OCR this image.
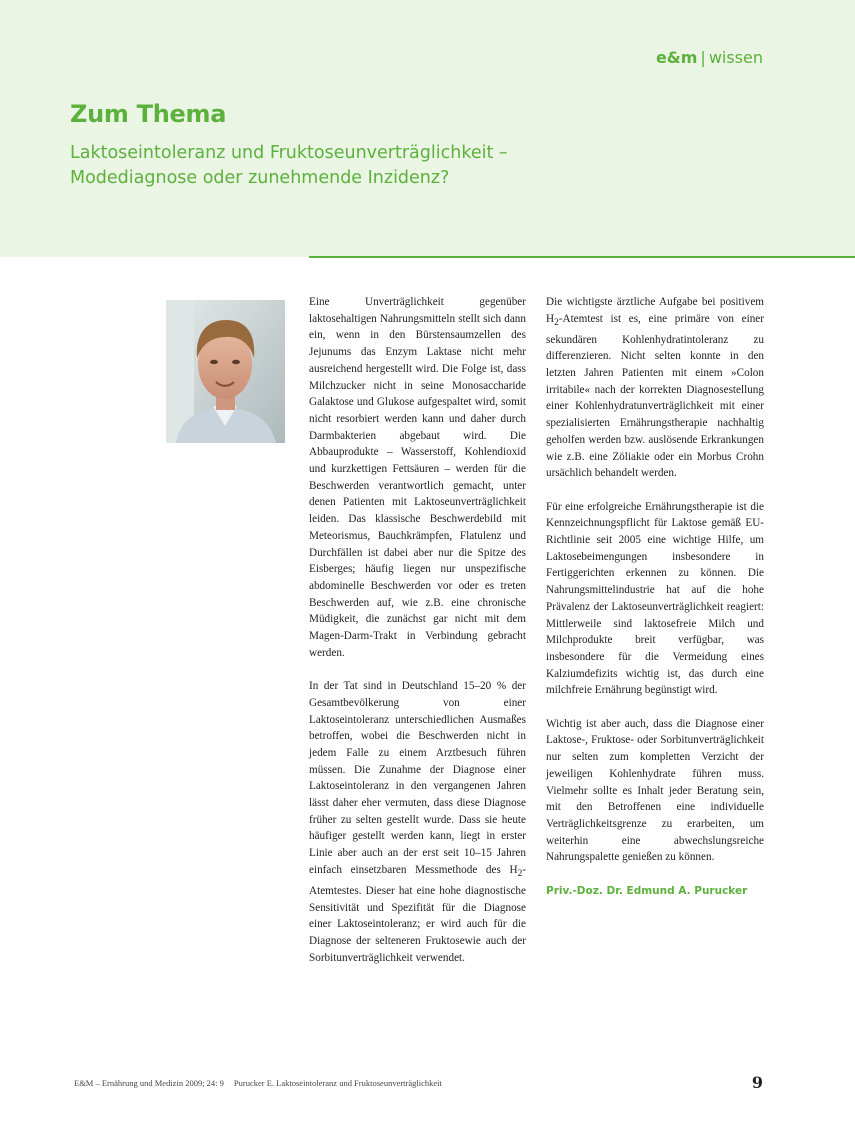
e&m | wissen
Zum Thema
Laktoseintoleranz und Fruktoseunverträglichkeit –
Modediagnose oder zunehmende Inzidenz?

Eine Unverträglichkeit gegenüber laktosehaltigen Nahrungsmitteln stellt sich dann ein, wenn in den Bürstensaumzellen des Jejunums das Enzym Laktase nicht mehr ausreichend hergestellt wird. Die Folge ist, dass Milchzucker nicht in seine Monosaccharide Galaktose und Glukose aufgespaltet wird, somit nicht resorbiert werden kann und daher durch Darmbakterien abgebaut wird. Die Abbauprodukte – Wasserstoff, Kohlendioxid und kurzkettigen Fettsäuren – werden für die Beschwerden verantwortlich gemacht, unter denen Patienten mit Laktoseunverträglichkeit leiden. Das klassische Beschwerdebild mit Meteorismus, Bauchkrämpfen, Flatulenz und Durchfällen ist dabei aber nur die Spitze des Eisberges; häufig liegen nur unspezifische abdominelle Beschwerden vor oder es treten Beschwerden auf, wie z.B. eine chronische Müdigkeit, die zunächst gar nicht mit dem Magen-Darm-Trakt in Verbindung gebracht werden.

In der Tat sind in Deutschland 15–20 % der Gesamtbevölkerung von einer Laktoseintoleranz unterschiedlichen Ausmaßes betroffen, wobei die Beschwerden nicht in jedem Falle zu einem Arztbesuch führen müssen. Die Zunahme der Diagnose einer Laktoseintoleranz in den vergangenen Jahren lässt daher eher vermuten, dass diese Diagnose früher zu selten gestellt wurde. Dass sie heute häufiger gestellt werden kann, liegt in erster Linie aber auch an der erst seit 10–15 Jahren einfach einsetzbaren Messmethode des $H_2$-Atemtestes. Dieser hat eine hohe diagnostische Sensitivität und Spezifität für die Diagnose einer Laktoseintoleranz; er wird auch für die Diagnose der selteneren Fruktosewie auch der Sorbitunverträglichkeit verwendet.

Die wichtigste ärztliche Aufgabe bei positivem $H_2$-Atemtest ist es, eine primäre von einer sekundären Kohlenhydratintoleranz zu differenzieren. Nicht selten konnte in den letzten Jahren Patienten mit einem »Colon irritabile« nach der korrekten Diagnosestellung einer Kohlenhydratunverträglichkeit mit einer spezialisierten Ernährungstherapie nachhaltig geholfen werden bzw. auslösende Erkrankungen wie z.B. eine Zöliakie oder ein Morbus Crohn ursächlich behandelt werden.

Für eine erfolgreiche Ernährungstherapie ist die Kennzeichnungspflicht für Laktose gemäß EU-Richtlinie seit 2005 eine wichtige Hilfe, um Laktosebeimengungen insbesondere in Fertiggerichten erkennen zu können. Die Nahrungsmittelindustrie hat auf die hohe Prävalenz der Laktoseunverträglichkeit reagiert: Mittlerweile sind laktosefreie Milch und Milchprodukte breit verfügbar, was insbesondere für die Vermeidung eines Kalziumdefizits wichtig ist, das durch eine milchfreie Ernährung begünstigt wird.

Wichtig ist aber auch, dass die Diagnose einer Laktose-, Fruktose- oder Sorbitunverträglichkeit nur selten zum kompletten Verzicht der jeweiligen Kohlenhydrate führen muss. Vielmehr sollte es Inhalt jeder Beratung sein, mit den Betroffenen eine individuelle Verträglichkeitsgrenze zu erarbeiten, um weiterhin eine abwechslungsreiche Nahrungspalette genießen zu können.

Priv.-Doz. Dr. Edmund A. Purucker

E&M – Ernährung und Medizin 2009; 24: 9 Purucker E. Laktoseintoleranz und Fruktoseunverträglichkeit	9
